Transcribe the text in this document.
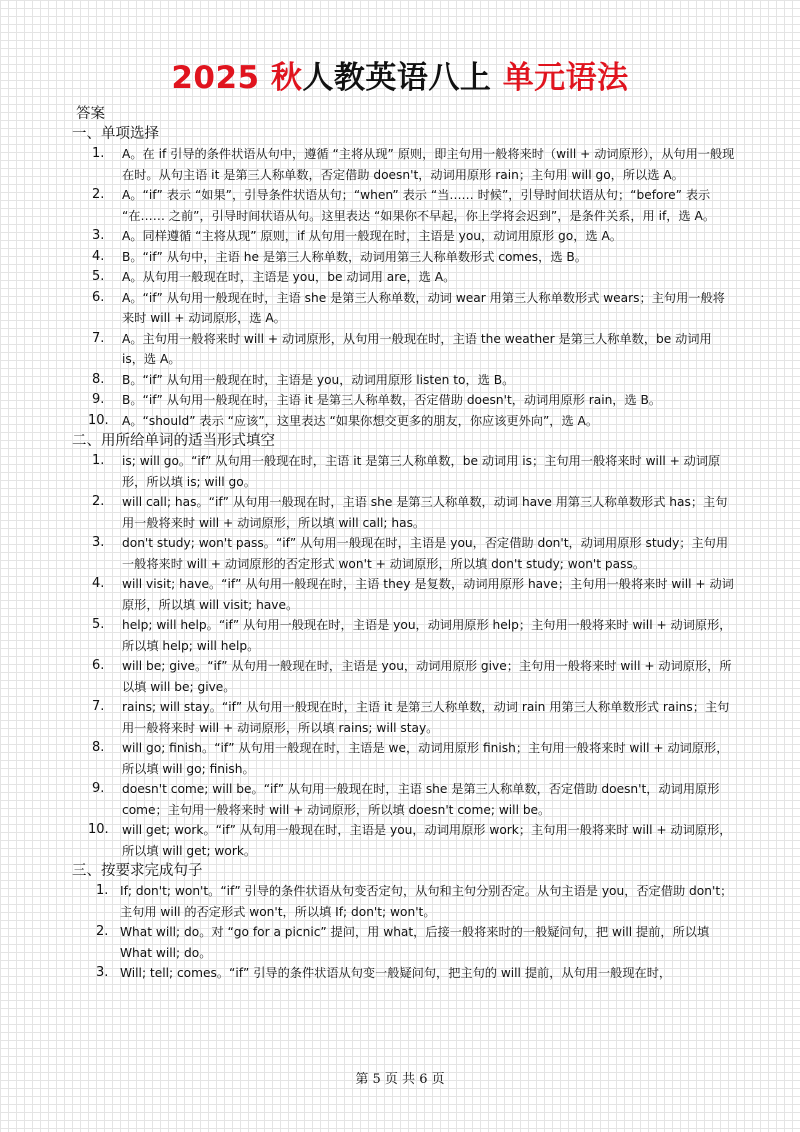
2025 秋人教英语八上 单元语法
答案
一、单项选择
1.	A。在 if 引导的条件状语从句中，遵循 “主将从现” 原则，即主句用一般将来时（will + 动词原形），从句用一般现在时。从句主语 it 是第三人称单数，否定借助 doesn't，动词用原形 rain；主句用 will go，所以选 A。
2.	A。“if” 表示 “如果”，引导条件状语从句；“when” 表示 “当…… 时候”，引导时间状语从句；“before” 表示 “在…… 之前”，引导时间状语从句。这里表达 “如果你不早起，你上学将会迟到”，是条件关系，用 if，选 A。
3.	A。同样遵循 “主将从现” 原则，if 从句用一般现在时，主语是 you，动词用原形 go，选 A。
4.	B。“if” 从句中，主语 he 是第三人称单数，动词用第三人称单数形式 comes，选 B。
5.	A。从句用一般现在时，主语是 you，be 动词用 are，选 A。
6.	A。“if” 从句用一般现在时，主语 she 是第三人称单数，动词 wear 用第三人称单数形式 wears；主句用一般将来时 will + 动词原形，选 A。
7.	A。主句用一般将来时 will + 动词原形，从句用一般现在时，主语 the weather 是第三人称单数，be 动词用 is，选 A。
8.	B。“if” 从句用一般现在时，主语是 you，动词用原形 listen to，选 B。
9.	B。“if” 从句用一般现在时，主语 it 是第三人称单数，否定借助 doesn't，动词用原形 rain，选 B。
10.	A。“should” 表示 “应该”，这里表达 “如果你想交更多的朋友，你应该更外向”，选 A。
二、用所给单词的适当形式填空
1.	is; will go。“if” 从句用一般现在时，主语 it 是第三人称单数，be 动词用 is；主句用一般将来时 will + 动词原形，所以填 is; will go。
2.	will call; has。“if” 从句用一般现在时，主语 she 是第三人称单数，动词 have 用第三人称单数形式 has；主句用一般将来时 will + 动词原形，所以填 will call; has。
3.	don't study; won't pass。“if” 从句用一般现在时，主语是 you，否定借助 don't，动词用原形 study；主句用一般将来时 will + 动词原形的否定形式 won't + 动词原形，所以填 don't study; won't pass。
4.	will visit; have。“if” 从句用一般现在时，主语 they 是复数，动词用原形 have；主句用一般将来时 will + 动词原形，所以填 will visit; have。
5.	help; will help。“if” 从句用一般现在时，主语是 you，动词用原形 help；主句用一般将来时 will + 动词原形，所以填 help; will help。
6.	will be; give。“if” 从句用一般现在时，主语是 you，动词用原形 give；主句用一般将来时 will + 动词原形，所以填 will be; give。
7.	rains; will stay。“if” 从句用一般现在时，主语 it 是第三人称单数，动词 rain 用第三人称单数形式 rains；主句用一般将来时 will + 动词原形，所以填 rains; will stay。
8.	will go; finish。“if” 从句用一般现在时，主语是 we，动词用原形 finish；主句用一般将来时 will + 动词原形，所以填 will go; finish。
9.	doesn't come; will be。“if” 从句用一般现在时，主语 she 是第三人称单数，否定借助 doesn't，动词用原形 come；主句用一般将来时 will + 动词原形，所以填 doesn't come; will be。
10.	will get; work。“if” 从句用一般现在时，主语是 you，动词用原形 work；主句用一般将来时 will + 动词原形，所以填 will get; work。
三、按要求完成句子
1. If; don't; won't。“if” 引导的条件状语从句变否定句，从句和主句分别否定。从句主语是 you，否定借助 don't；主句用 will 的否定形式 won't，所以填 If; don't; won't。
2. What will; do。对 “go for a picnic” 提问，用 what，后接一般将来时的一般疑问句，把 will 提前，所以填 What will; do。
3. Will; tell; comes。“if” 引导的条件状语从句变一般疑问句，把主句的 will 提前，从句用一般现在时，
第 5 页 共 6 页
